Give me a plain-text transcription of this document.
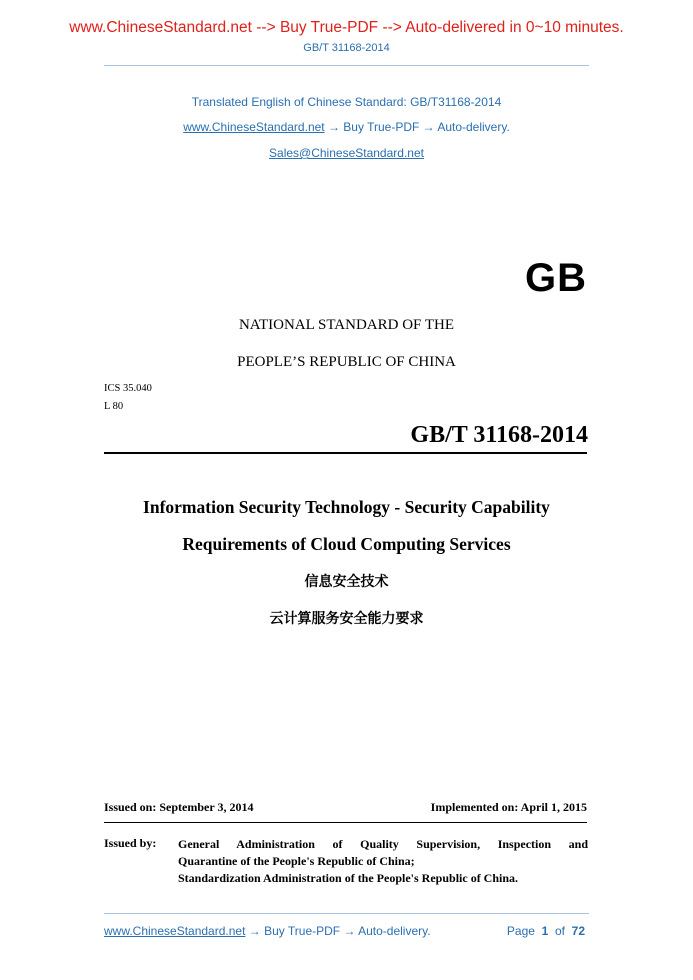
www.ChineseStandard.net --> Buy True-PDF --> Auto-delivered in 0~10 minutes.
GB/T 31168-2014
Translated English of Chinese Standard: GB/T31168-2014
www.ChineseStandard.net → Buy True-PDF → Auto-delivery.
Sales@ChineseStandard.net
GB
NATIONAL STANDARD OF THE
PEOPLE’S REPUBLIC OF CHINA
ICS 35.040
L 80
GB/T 31168-2014
Information Security Technology - Security Capability
Requirements of Cloud Computing Services
信息安全技术
云计算服务安全能力要求
Issued on: September 3, 2014	Implemented on: April 1, 2015
Issued by: General Administration of Quality Supervision, Inspection and
Quarantine of the People's Republic of China;
Standardization Administration of the People's Republic of China.
www.ChineseStandard.net → Buy True-PDF → Auto-delivery.	Page 1 of 72
